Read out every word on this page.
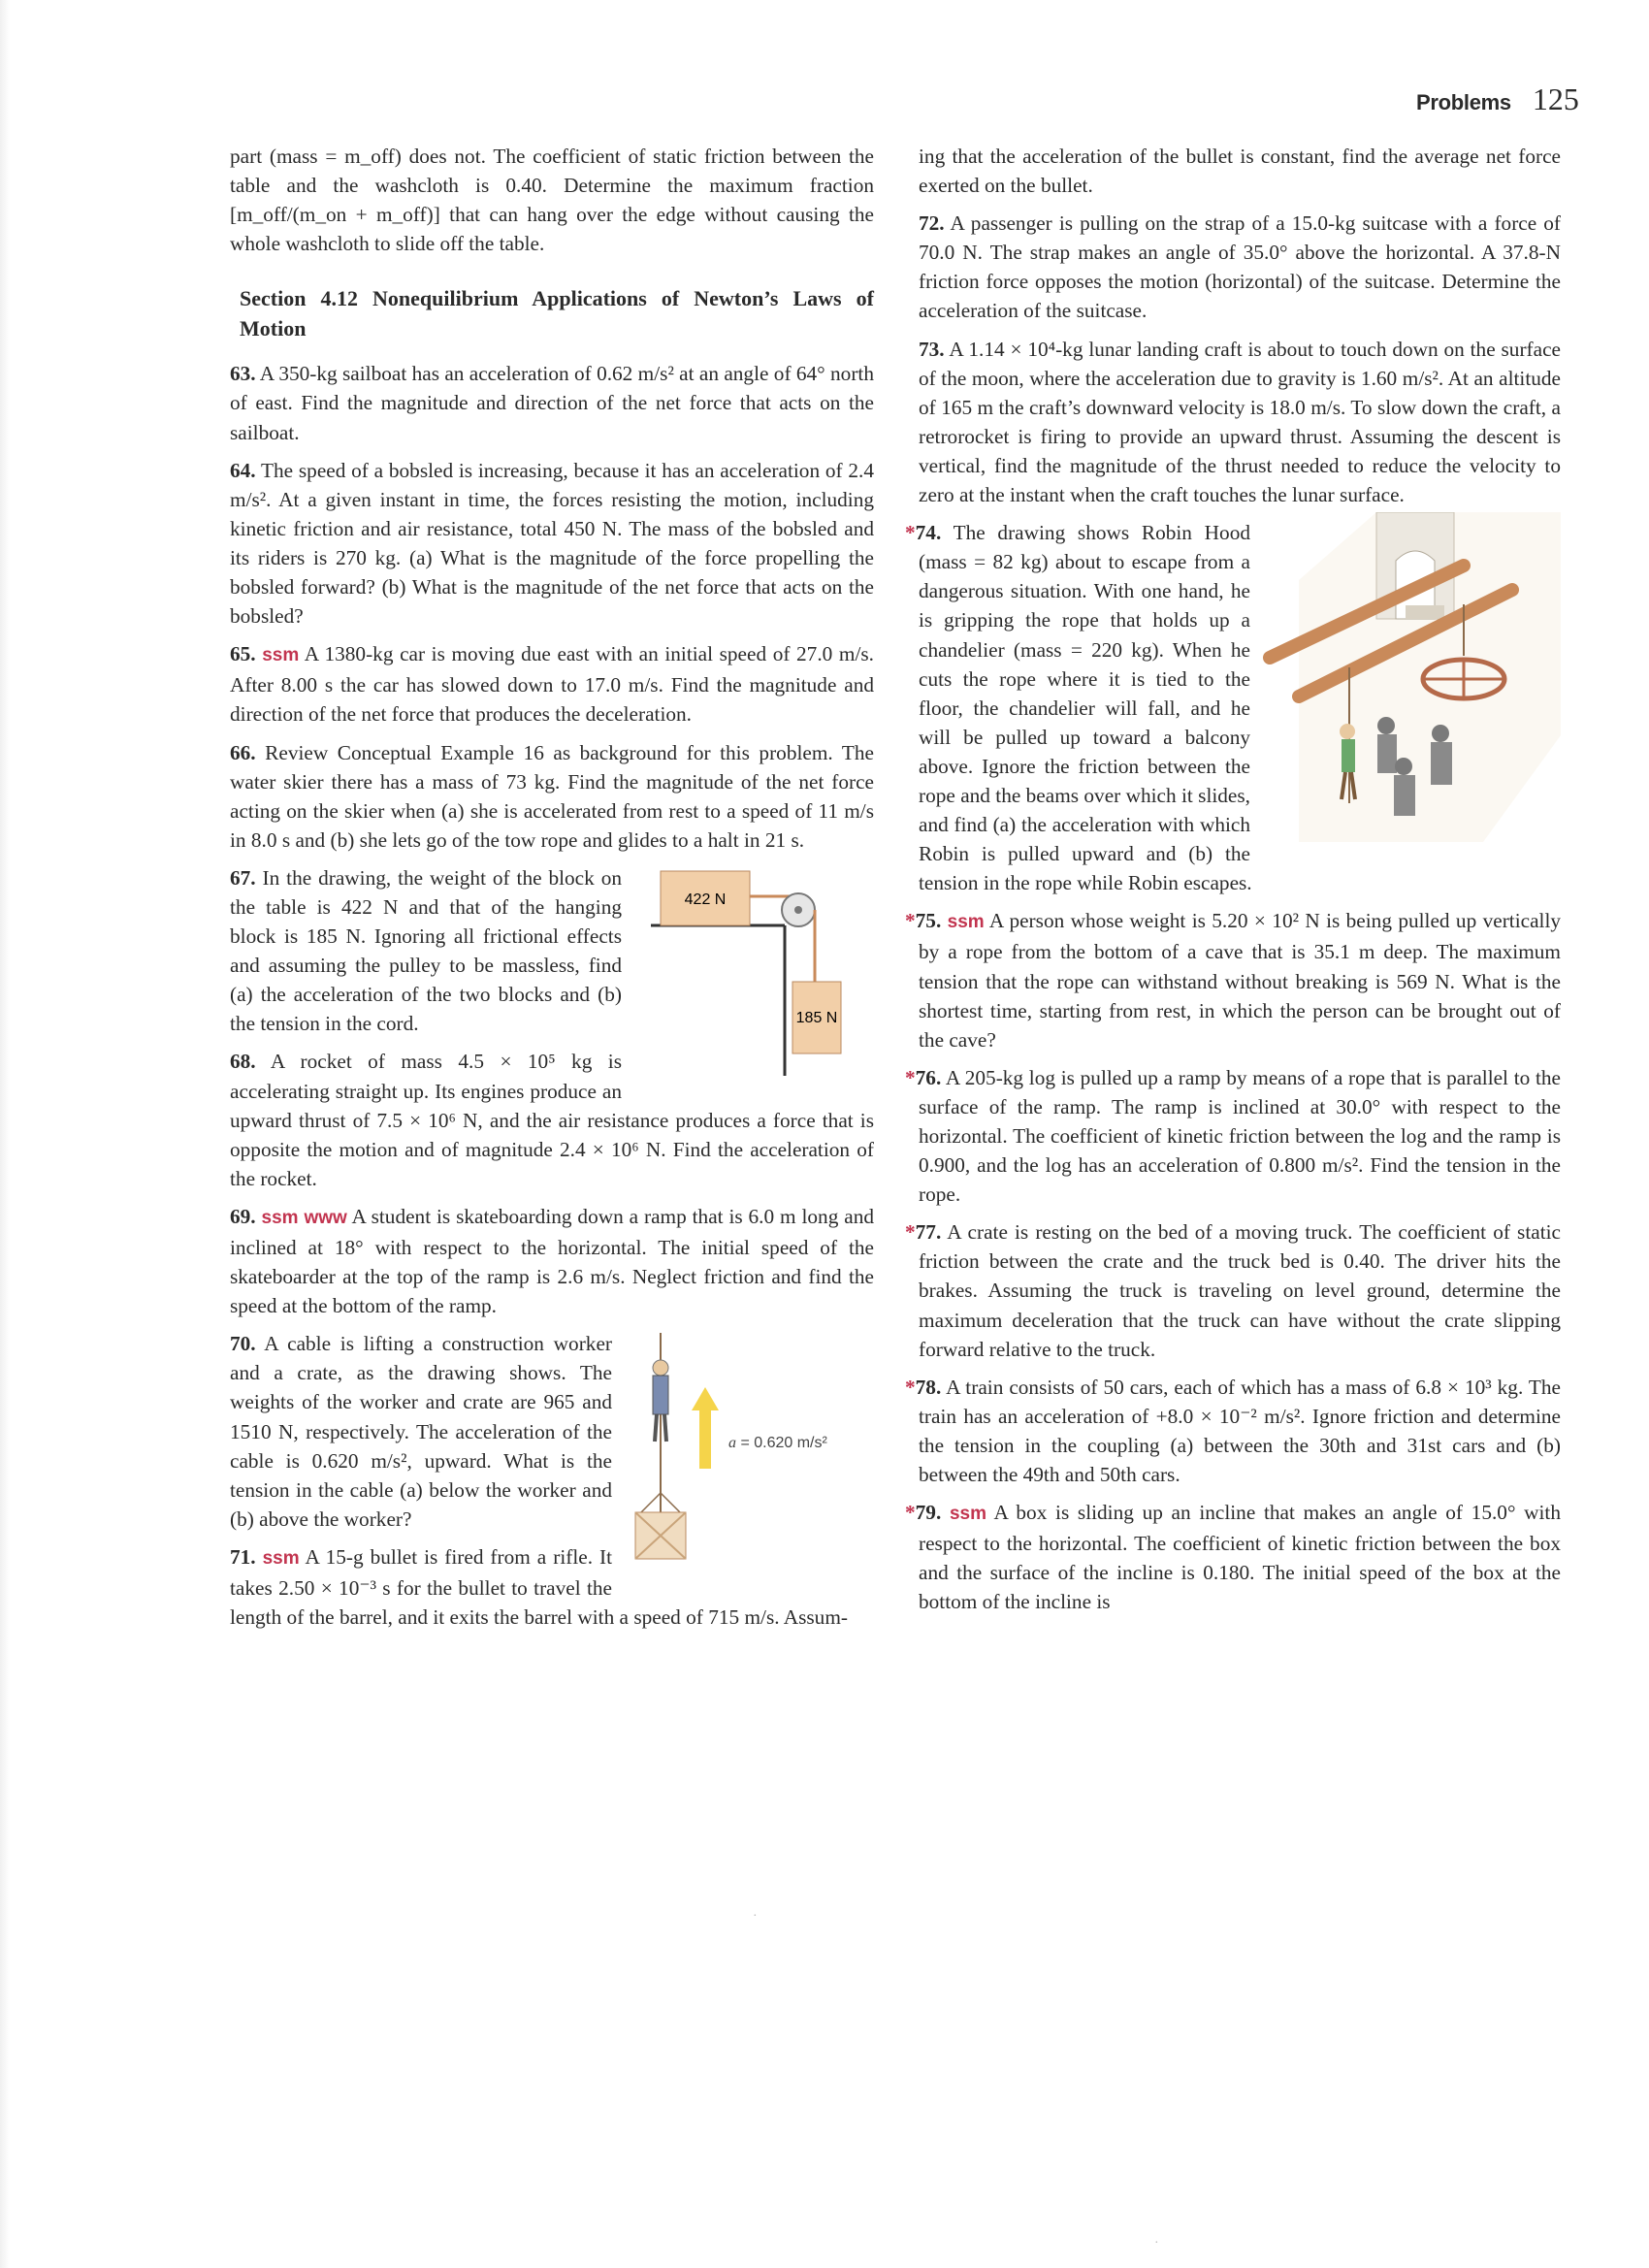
Problems 125

part (mass = m_off) does not. The coefficient of static friction between the table and the washcloth is 0.40. Determine the maximum fraction [m_off/(m_on + m_off)] that can hang over the edge without causing the whole washcloth to slide off the table.

Section 4.12 Nonequilibrium Applications of Newton’s Laws of Motion

63. A 350-kg sailboat has an acceleration of 0.62 m/s² at an angle of 64° north of east. Find the magnitude and direction of the net force that acts on the sailboat.

64. The speed of a bobsled is increasing, because it has an acceleration of 2.4 m/s². At a given instant in time, the forces resisting the motion, including kinetic friction and air resistance, total 450 N. The mass of the bobsled and its riders is 270 kg. (a) What is the magnitude of the force propelling the bobsled forward? (b) What is the magnitude of the net force that acts on the bobsled?

65. ssm A 1380-kg car is moving due east with an initial speed of 27.0 m/s. After 8.00 s the car has slowed down to 17.0 m/s. Find the magnitude and direction of the net force that produces the deceleration.

66. Review Conceptual Example 16 as background for this problem. The water skier there has a mass of 73 kg. Find the magnitude of the net force acting on the skier when (a) she is accelerated from rest to a speed of 11 m/s in 8.0 s and (b) she lets go of the tow rope and glides to a halt in 21 s.

422 N
185 N
67. In the drawing, the weight of the block on the table is 422 N and that of the hanging block is 185 N. Ignoring all frictional effects and assuming the pulley to be massless, find (a) the acceleration of the two blocks and (b) the tension in the cord.

68. A rocket of mass 4.5 × 10⁵ kg is accelerating straight up. Its engines produce an upward thrust of 7.5 × 10⁶ N, and the air resistance produces a force that is opposite the motion and of magnitude 2.4 × 10⁶ N. Find the acceleration of the rocket.

69. ssm www A student is skateboarding down a ramp that is 6.0 m long and inclined at 18° with respect to the horizontal. The initial speed of the skateboarder at the top of the ramp is 2.6 m/s. Neglect friction and find the speed at the bottom of the ramp.

a = 0.620 m/s²
70. A cable is lifting a construction worker and a crate, as the drawing shows. The weights of the worker and crate are 965 and 1510 N, respectively. The acceleration of the cable is 0.620 m/s², upward. What is the tension in the cable (a) below the worker and (b) above the worker?

71. ssm A 15-g bullet is fired from a rifle. It takes 2.50 × 10⁻³ s for the bullet to travel the length of the barrel, and it exits the barrel with a speed of 715 m/s. Assum-

ing that the acceleration of the bullet is constant, find the average net force exerted on the bullet.

72. A passenger is pulling on the strap of a 15.0-kg suitcase with a force of 70.0 N. The strap makes an angle of 35.0° above the horizontal. A 37.8-N friction force opposes the motion (horizontal) of the suitcase. Determine the acceleration of the suitcase.

73. A 1.14 × 10⁴-kg lunar landing craft is about to touch down on the surface of the moon, where the acceleration due to gravity is 1.60 m/s². At an altitude of 165 m the craft’s downward velocity is 18.0 m/s. To slow down the craft, a retrorocket is firing to provide an upward thrust. Assuming the descent is vertical, find the magnitude of the thrust needed to reduce the velocity to zero at the instant when the craft touches the lunar surface.

*74. The drawing shows Robin Hood (mass = 82 kg) about to escape from a dangerous situation. With one hand, he is gripping the rope that holds up a chandelier (mass = 220 kg). When he cuts the rope where it is tied to the floor, the chandelier will fall, and he will be pulled up toward a balcony above. Ignore the friction between the rope and the beams over which it slides, and find (a) the acceleration with which Robin is pulled upward and (b) the tension in the rope while Robin escapes.

*75. ssm A person whose weight is 5.20 × 10² N is being pulled up vertically by a rope from the bottom of a cave that is 35.1 m deep. The maximum tension that the rope can withstand without breaking is 569 N. What is the shortest time, starting from rest, in which the person can be brought out of the cave?

*76. A 205-kg log is pulled up a ramp by means of a rope that is parallel to the surface of the ramp. The ramp is inclined at 30.0° with respect to the horizontal. The coefficient of kinetic friction between the log and the ramp is 0.900, and the log has an acceleration of 0.800 m/s². Find the tension in the rope.

*77. A crate is resting on the bed of a moving truck. The coefficient of static friction between the crate and the truck bed is 0.40. The driver hits the brakes. Assuming the truck is traveling on level ground, determine the maximum deceleration that the truck can have without the crate slipping forward relative to the truck.

*78. A train consists of 50 cars, each of which has a mass of 6.8 × 10³ kg. The train has an acceleration of +8.0 × 10⁻² m/s². Ignore friction and determine the tension in the coupling (a) between the 30th and 31st cars and (b) between the 49th and 50th cars.

*79. ssm A box is sliding up an incline that makes an angle of 15.0° with respect to the horizontal. The coefficient of kinetic friction between the box and the surface of the incline is 0.180. The initial speed of the box at the bottom of the incline is

·
·
